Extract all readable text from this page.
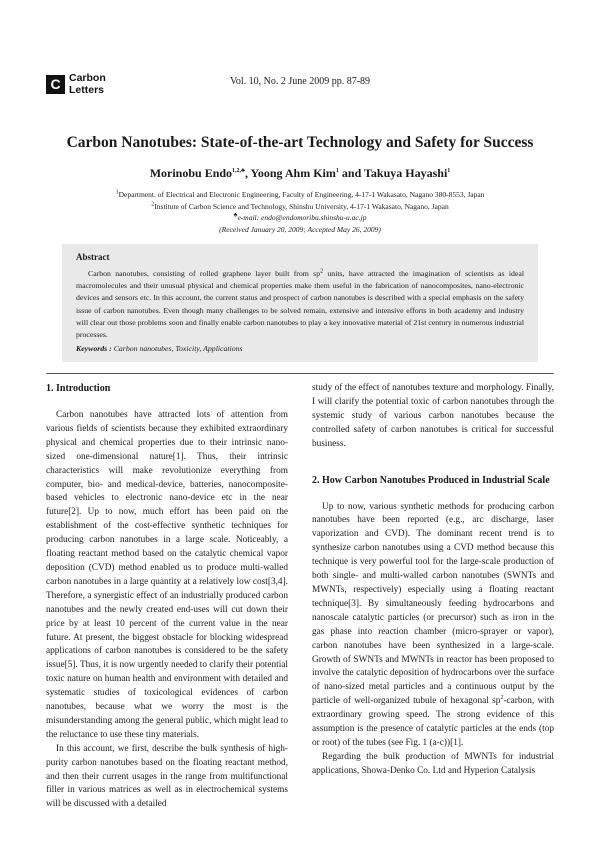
C Carbon
Letters
Vol. 10, No. 2 June 2009 pp. 87-89
Carbon Nanotubes: State-of-the-art Technology and Safety for Success
Morinobu Endo$^{1,2,♣}$, Yoong Ahm Kim$^1$ and Takuya Hayashi$^1$
$^1$Department. of Electrical and Electronic Engineering, Faculty of Engineering, 4-17-1 Wakasato, Nagano 380-8553, Japan
$^2$Institute of Carbon Science and Technology, Shinshu University, 4-17-1 Wakasato, Nagano, Japan
♣e-mail: endo@endomoribu.shinshu-u.ac.jp
(Received January 20, 2009; Accepted May 26, 2009)
Abstract
Carbon nanotubes, consisting of rolled graphene layer built from $sp^2$ units, have attracted the imagination of scientists as ideal macromolecules and their unusual physical and chemical properties make them useful in the fabrication of nanocomposites, nano-electronic devices and sensors etc. In this account, the current status and prospect of carbon nanotubes is described with a special emphasis on the safety issue of carbon nanotubes. Even though many challenges to be solved remain, extensive and intensive efforts in both academy and industry will clear out those problems soon and finally enable carbon nanotubes to play a key innovative material of 21st century in numerous industrial processes.
Keywords : Carbon nanotubes, Toxicity, Applications
1. Introduction

Carbon nanotubes have attracted lots of attention from various fields of scientists because they exhibited extraordinary physical and chemical properties due to their intrinsic nano-sized one-dimensional nature[1]. Thus, their intrinsic characteristics will make revolutionize everything from computer, bio- and medical-device, batteries, nanocomposite-based vehicles to electronic nano-device etc in the near future[2]. Up to now, much effort has been paid on the establishment of the cost-effective synthetic techniques for producing carbon nanotubes in a large scale. Noticeably, a floating reactant method based on the catalytic chemical vapor deposition (CVD) method enabled us to produce multi-walled carbon nanotubes in a large quantity at a relatively low cost[3,4]. Therefore, a synergistic effect of an industrially produced carbon nanotubes and the newly created end-uses will cut down their price by at least 10 percent of the current value in the near future. At present, the biggest obstacle for blocking widespread applications of carbon nanotubes is considered to be the safety issue[5]. Thus, it is now urgently needed to clarify their potential toxic nature on human health and environment with detailed and systematic studies of toxicological evidences of carbon nanotubes, because what we worry the most is the misunderstanding among the general public, which might lead to the reluctance to use these tiny materials.

In this account, we first, describe the bulk synthesis of high-purity carbon nanotubes based on the floating reactant method, and then their current usages in the range from multifunctional filler in various matrices as well as in electrochemical systems will be discussed with a detailed

study of the effect of nanotubes texture and morphology. Finally, I will clarify the potential toxic of carbon nanotubes through the systemic study of various carbon nanotubes because the controlled safety of carbon nanotubes is critical for successful business.

2. How Carbon Nanotubes Produced in Industrial Scale

Up to now, various synthetic methods for producing carbon nanotubes have been reported (e.g., arc discharge, laser vaporization and CVD). The dominant recent trend is to synthesize carbon nanotubes using a CVD method because this technique is very powerful tool for the large-scale production of both single- and multi-walled carbon nanotubes (SWNTs and MWNTs, respectively) especially using a floating reactant technique[3]. By simultaneously feeding hydrocarbons and nanoscale catalytic particles (or precursor) such as iron in the gas phase into reaction chamber (micro-sprayer or vapor), carbon nanotubes have been synthesized in a large-scale. Growth of SWNTs and MWNTs in reactor has been proposed to involve the catalytic deposition of hydrocarbons over the surface of nano-sized metal particles and a continuous output by the particle of well-organized tubule of hexagonal $sp^2$-carbon, with extraordinary growing speed. The strong evidence of this assumption is the presence of catalytic particles at the ends (top or root) of the tubes (see Fig. 1 (a-c))[1].

Regarding the bulk production of MWNTs for industrial applications, Showa-Denko Co. Ltd and Hyperion Catalysis
